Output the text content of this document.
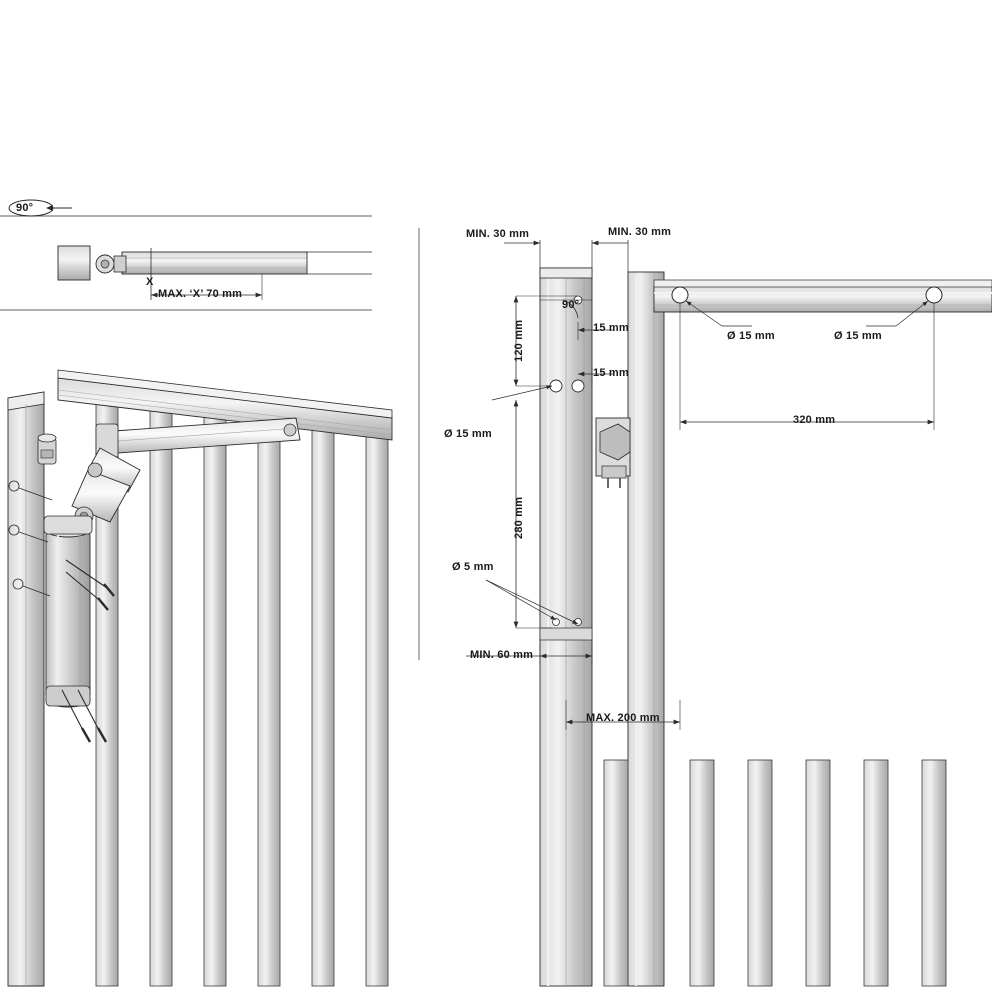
90°
X
MAX. ‘X’ 70 mm
MIN. 30 mm	MIN. 30 mm
90°
15 mm
15 mm
120 mm
280 mm
Ø 15 mm
Ø 5 mm
MIN. 60 mm
MAX. 200 mm
Ø 15 mm	Ø 15 mm
320 mm
